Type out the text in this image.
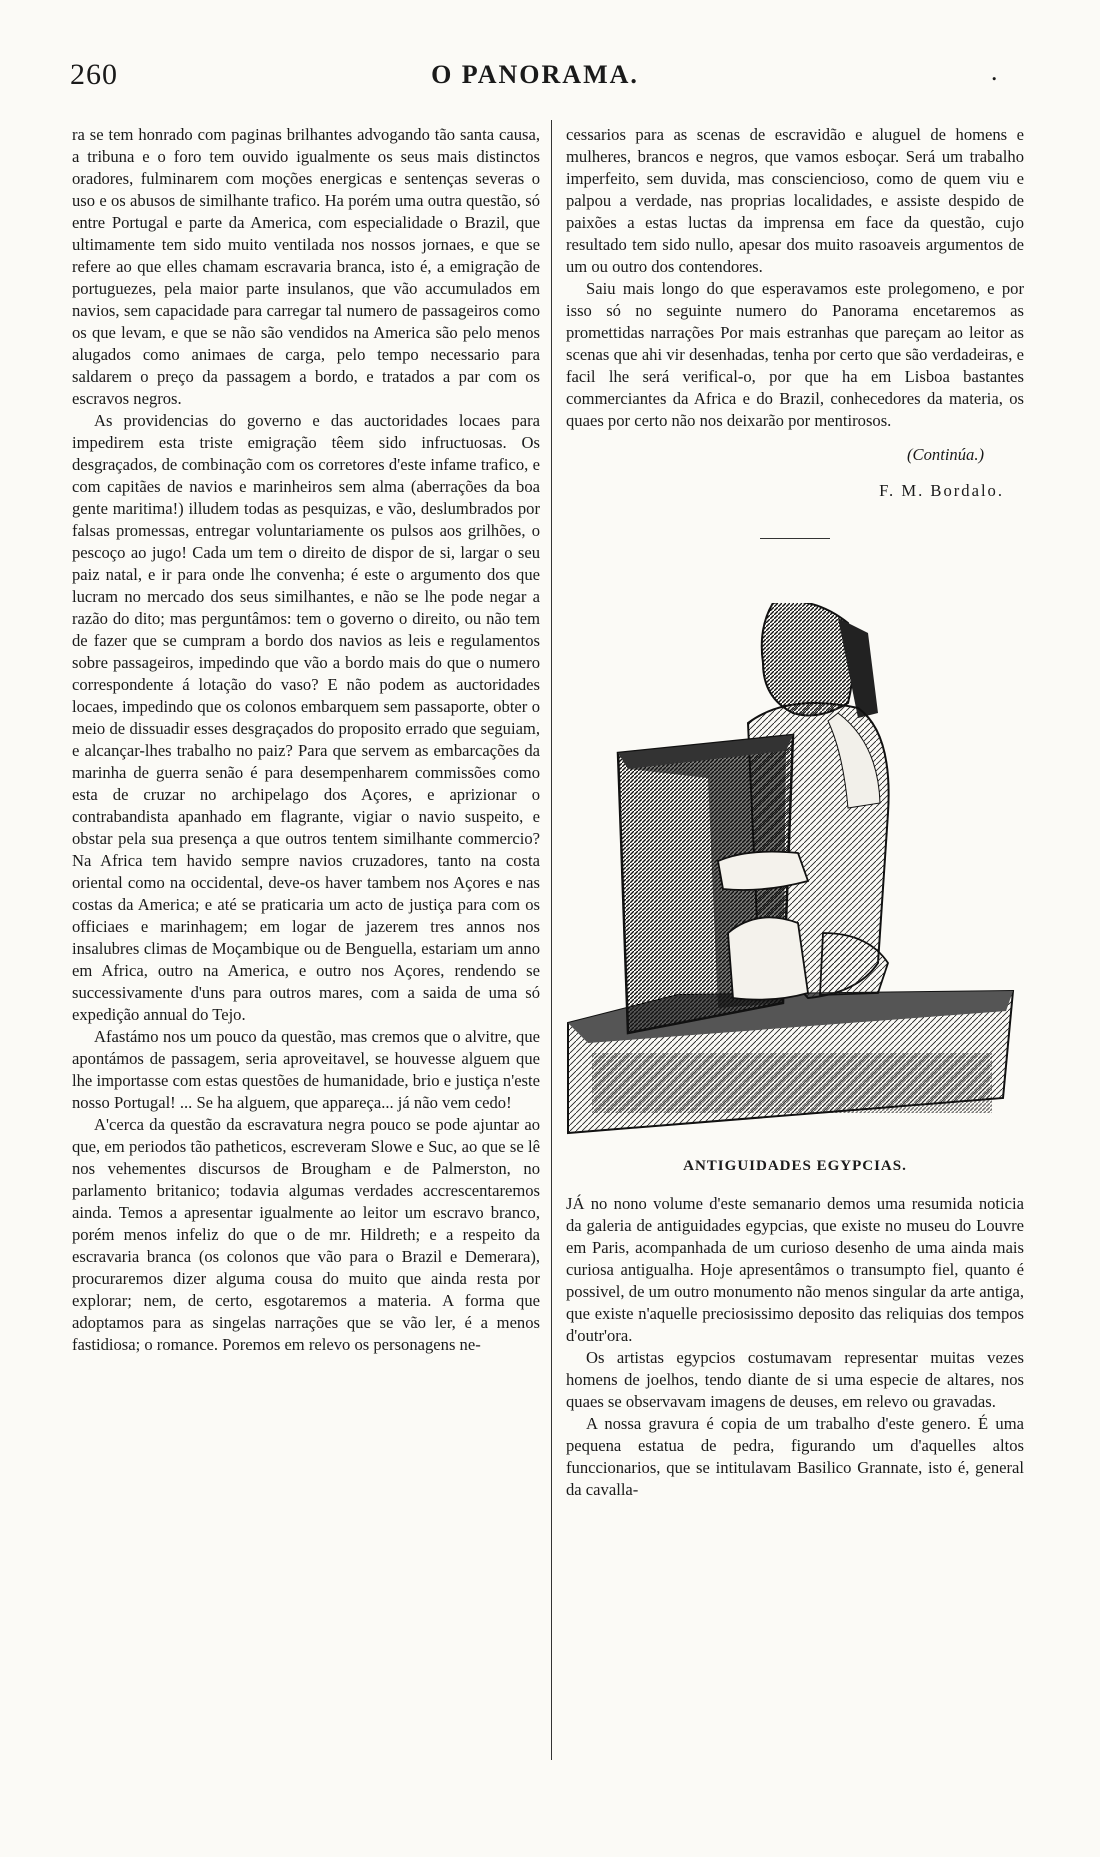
260	O PANORAMA.	.

ra se tem honrado com paginas brilhantes advogando tão santa causa, a tribuna e o foro tem ouvido igualmente os seus mais distinctos oradores, fulminarem com moções energicas e sentenças severas o uso e os abusos de similhante trafico. Ha porém uma outra questão, só entre Portugal e parte da America, com especialidade o Brazil, que ultimamente tem sido muito ventilada nos nossos jornaes, e que se refere ao que elles chamam escravaria branca, isto é, a emigração de portuguezes, pela maior parte insulanos, que vão accumulados em navios, sem capacidade para carregar tal numero de passageiros como os que levam, e que se não são vendidos na America são pelo menos alugados como animaes de carga, pelo tempo necessario para saldarem o preço da passagem a bordo, e tratados a par com os escravos negros.

As providencias do governo e das auctoridades locaes para impedirem esta triste emigração têem sido infructuosas. Os desgraçados, de combinação com os corretores d'este infame trafico, e com capitães de navios e marinheiros sem alma (aberrações da boa gente maritima!) illudem todas as pesquizas, e vão, deslumbrados por falsas promessas, entregar voluntariamente os pulsos aos grilhões, o pescoço ao jugo! Cada um tem o direito de dispor de si, largar o seu paiz natal, e ir para onde lhe convenha; é este o argumento dos que lucram no mercado dos seus similhantes, e não se lhe pode negar a razão do dito; mas perguntâmos: tem o governo o direito, ou não tem de fazer que se cumpram a bordo dos navios as leis e regulamentos sobre passageiros, impedindo que vão a bordo mais do que o numero correspondente á lotação do vaso? E não podem as auctoridades locaes, impedindo que os colonos embarquem sem passaporte, obter o meio de dissuadir esses desgraçados do proposito errado que seguiam, e alcançar-lhes trabalho no paiz? Para que servem as embarcações da marinha de guerra senão é para desempenharem commissões como esta de cruzar no archipelago dos Açores, e aprizionar o contrabandista apanhado em flagrante, vigiar o navio suspeito, e obstar pela sua presença a que outros tentem similhante commercio? Na Africa tem havido sempre navios cruzadores, tanto na costa oriental como na occidental, deve-os haver tambem nos Açores e nas costas da America; e até se praticaria um acto de justiça para com os officiaes e marinhagem; em logar de jazerem tres annos nos insalubres climas de Moçambique ou de Benguella, estariam um anno em Africa, outro na America, e outro nos Açores, rendendo se successivamente d'uns para outros mares, com a saida de uma só expedição annual do Tejo.

Afastámo nos um pouco da questão, mas cremos que o alvitre, que apontámos de passagem, seria aproveitavel, se houvesse alguem que lhe importasse com estas questões de humanidade, brio e justiça n'este nosso Portugal! ... Se ha alguem, que appareça... já não vem cedo!

A'cerca da questão da escravatura negra pouco se pode ajuntar ao que, em periodos tão patheticos, escreveram Slowe e Suc, ao que se lê nos vehementes discursos de Brougham e de Palmerston, no parlamento britanico; todavia algumas verdades accrescentaremos ainda. Temos a apresentar igualmente ao leitor um escravo branco, porém menos infeliz do que o de mr. Hildreth; e a respeito da escravaria branca (os colonos que vão para o Brazil e Demerara), procuraremos dizer alguma cousa do muito que ainda resta por explorar; nem, de certo, esgotaremos a materia. A forma que adoptamos para as singelas narrações que se vão ler, é a menos fastidiosa; o romance. Poremos em relevo os personagens ne-

cessarios para as scenas de escravidão e aluguel de homens e mulheres, brancos e negros, que vamos esboçar. Será um trabalho imperfeito, sem duvida, mas consciencioso, como de quem viu e palpou a verdade, nas proprias localidades, e assiste despido de paixões a estas luctas da imprensa em face da questão, cujo resultado tem sido nullo, apesar dos muito rasoaveis argumentos de um ou outro dos contendores.

Saiu mais longo do que esperavamos este prolegomeno, e por isso só no seguinte numero do Panorama encetaremos as promettidas narrações Por mais estranhas que pareçam ao leitor as scenas que ahi vir desenhadas, tenha por certo que são verdadeiras, e facil lhe será verifical-o, por que ha em Lisboa bastantes commerciantes da Africa e do Brazil, conhecedores da materia, os quaes por certo não nos deixarão por mentirosos.

(Continúa.)
F. M. Bordalo.
ANTIGUIDADES EGYPCIAS.

JÁ no nono volume d'este semanario demos uma resumida noticia da galeria de antiguidades egypcias, que existe no museu do Louvre em Paris, acompanhada de um curioso desenho de uma ainda mais curiosa antigualha. Hoje apresentâmos o transumpto fiel, quanto é possivel, de um outro monumento não menos singular da arte antiga, que existe n'aquelle preciosissimo deposito das reliquias dos tempos d'outr'ora.

Os artistas egypcios costumavam representar muitas vezes homens de joelhos, tendo diante de si uma especie de altares, nos quaes se observavam imagens de deuses, em relevo ou gravadas.

A nossa gravura é copia de um trabalho d'este genero. É uma pequena estatua de pedra, figurando um d'aquelles altos funccionarios, que se intitulavam Basilico Grannate, isto é, general da cavalla-
